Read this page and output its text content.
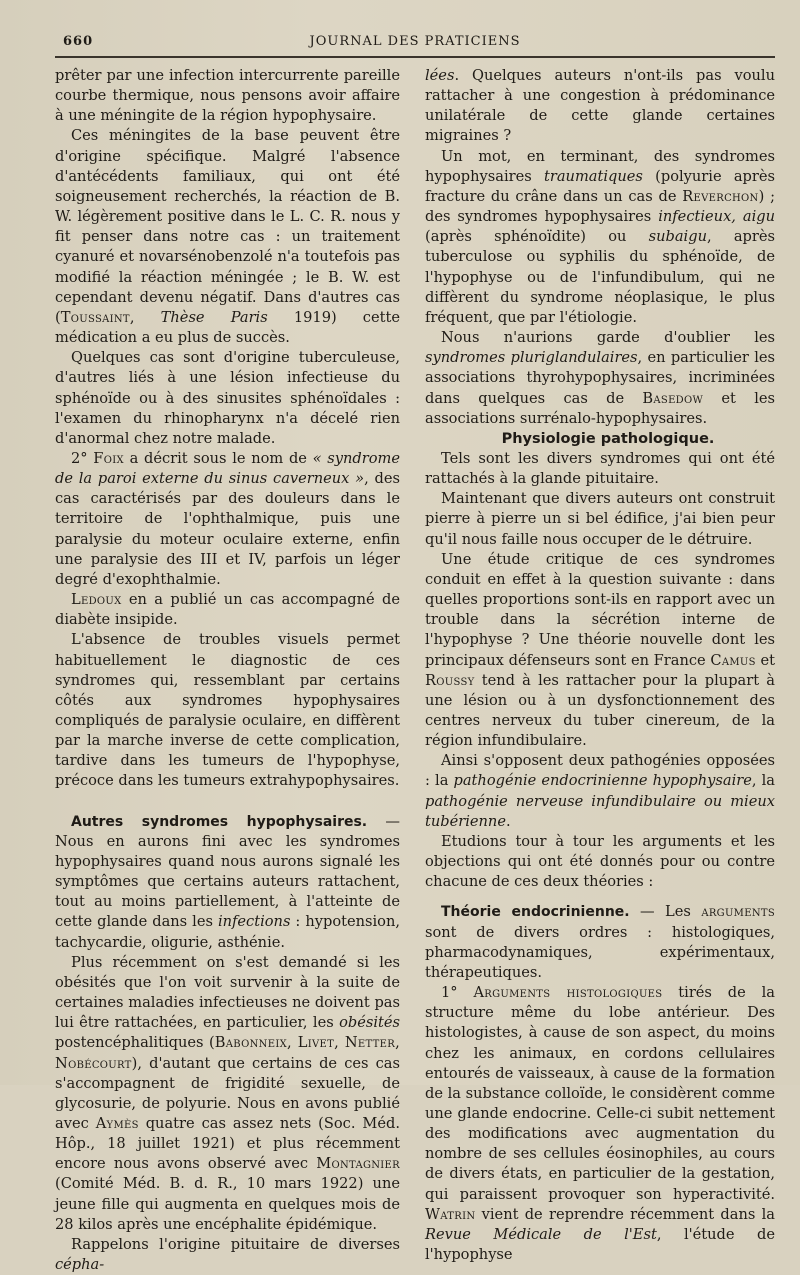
660	JOURNAL DES PRATICIENS

prêter par une infection intercurrente pareille courbe thermique, nous pensons avoir affaire à une méningite de la région hypophysaire.

Ces méningites de la base peuvent être d'origine spécifique. Malgré l'absence d'antécédents familiaux, qui ont été soigneusement recherchés, la réaction de B. W. légèrement positive dans le L. C. R. nous y fit penser dans notre cas : un traitement cyanuré et novarsénobenzolé n'a toutefois pas modifié la réaction méningée ; le B. W. est cependant devenu négatif. Dans d'autres cas (Toussaint, Thèse Paris 1919) cette médication a eu plus de succès.

Quelques cas sont d'origine tuberculeuse, d'autres liés à une lésion infectieuse du sphénoïde ou à des sinusites sphénoïdales : l'examen du rhinopharynx n'a décelé rien d'anormal chez notre malade.

2° Foix a décrit sous le nom de « syndrome de la paroi externe du sinus caverneux », des cas caractérisés par des douleurs dans le territoire de l'ophthalmique, puis une paralysie du moteur oculaire externe, enfin une paralysie des III et IV, parfois un léger degré d'exophthalmie.

Ledoux en a publié un cas accompagné de diabète insipide.

L'absence de troubles visuels permet habituellement le diagnostic de ces syndromes qui, ressemblant par certains côtés aux syndromes hypophysaires compliqués de paralysie oculaire, en diffèrent par la marche inverse de cette complication, tardive dans les tumeurs de l'hypophyse, précoce dans les tumeurs extrahypophysaires.

Autres syndromes hypophysaires. — Nous en aurons fini avec les syndromes hypophysaires quand nous aurons signalé les symptômes que certains auteurs rattachent, tout au moins partiellement, à l'atteinte de cette glande dans les infections : hypotension, tachycardie, oligurie, asthénie.

Plus récemment on s'est demandé si les obésités que l'on voit survenir à la suite de certaines maladies infectieuses ne doivent pas lui être rattachées, en particulier, les obésités postencéphalitiques (Babonneix, Livet, Netter, Nobécourt), d'autant que certains de ces cas s'accompagnent de frigidité sexuelle, de glycosurie, de polyurie. Nous en avons publié avec Aymès quatre cas assez nets (Soc. Méd. Hôp., 18 juillet 1921) et plus récemment encore nous avons observé avec Montagnier (Comité Méd. B. d. R., 10 mars 1922) une jeune fille qui augmenta en quelques mois de 28 kilos après une encéphalite épidémique.

Rappelons l'origine pituitaire de diverses cépha-

lées. Quelques auteurs n'ont-ils pas voulu rattacher à une congestion à prédominance unilatérale de cette glande certaines migraines ?

Un mot, en terminant, des syndromes hypophysaires traumatiques (polyurie après fracture du crâne dans un cas de Reverchon) ; des syndromes hypophysaires infectieux, aigu (après sphénoïdite) ou subaigu, après tuberculose ou syphilis du sphénoïde, de l'hypophyse ou de l'infundibulum, qui ne diffèrent du syndrome néoplasique, le plus fréquent, que par l'étiologie.

Nous n'aurions garde d'oublier les syndromes pluriglandulaires, en particulier les associations thyrohypophysaires, incriminées dans quelques cas de Basedow et les associations surrénalo-hypophysaires.

Physiologie pathologique.

Tels sont les divers syndromes qui ont été rattachés à la glande pituitaire.

Maintenant que divers auteurs ont construit pierre à pierre un si bel édifice, j'ai bien peur qu'il nous faille nous occuper de le détruire.

Une étude critique de ces syndromes conduit en effet à la question suivante : dans quelles proportions sont-ils en rapport avec un trouble dans la sécrétion interne de l'hypophyse ? Une théorie nouvelle dont les principaux défenseurs sont en France Camus et Roussy tend à les rattacher pour la plupart à une lésion ou à un dysfonctionnement des centres nerveux du tuber cinereum, de la région infundibulaire.

Ainsi s'opposent deux pathogénies opposées : la pathogénie endocrinienne hypophysaire, la pathogénie nerveuse infundibulaire ou mieux tubérienne.

Etudions tour à tour les arguments et les objections qui ont été donnés pour ou contre chacune de ces deux théories :

Théorie endocrinienne. — Les arguments sont de divers ordres : histologiques, pharmacodynamiques, expérimentaux, thérapeutiques.

1° Arguments histologiques tirés de la structure même du lobe antérieur. Des histologistes, à cause de son aspect, du moins chez les animaux, en cordons cellulaires entourés de vaisseaux, à cause de la formation de la substance colloïde, le considèrent comme une glande endocrine. Celle-ci subit nettement des modifications avec augmentation du nombre de ses cellules éosinophiles, au cours de divers états, en particulier de la gestation, qui paraissent provoquer son hyperactivité. Watrin vient de reprendre récemment dans la Revue Médicale de l'Est, l'étude de l'hypophyse
